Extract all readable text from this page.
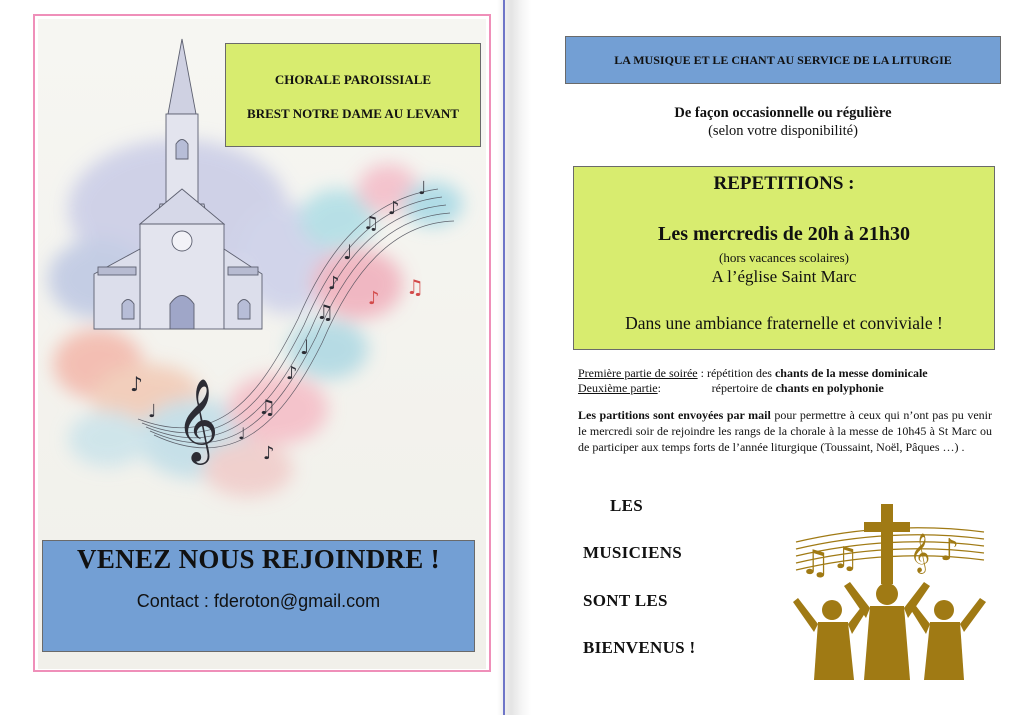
𝄞
♪
♩	♫
♪
♩
♫
♪
♩
♫
♪
♩
♪
♩
♪ ♫
CHORALE PAROISSIALE
BREST NOTRE DAME AU LEVANT
VENEZ NOUS REJOINDRE !
Contact : fderoton@gmail.com
LA MUSIQUE ET LE CHANT AU SERVICE DE LA LITURGIE
De façon occasionnelle ou régulière
(selon votre disponibilité)
REPETITIONS :
Les mercredis de 20h à 21h30
(hors vacances scolaires)
A l’église Saint Marc
Dans une ambiance fraternelle et conviviale !
Première partie de soirée : répétition des chants de la messe dominicale
Deuxième partie:	répertoire de chants en polyphonie
Les partitions sont envoyées par mail pour permettre à ceux qui n’ont pas pu venir le mercredi soir de rejoindre les rangs de la chorale à la messe de 10h45 à St Marc ou de participer aux temps forts de l’année liturgique (Toussaint, Noël, Pâques …) .
LES
MUSICIENS
SONT LES
BIENVENUS !
♫ ♫ 𝄞 ♪
